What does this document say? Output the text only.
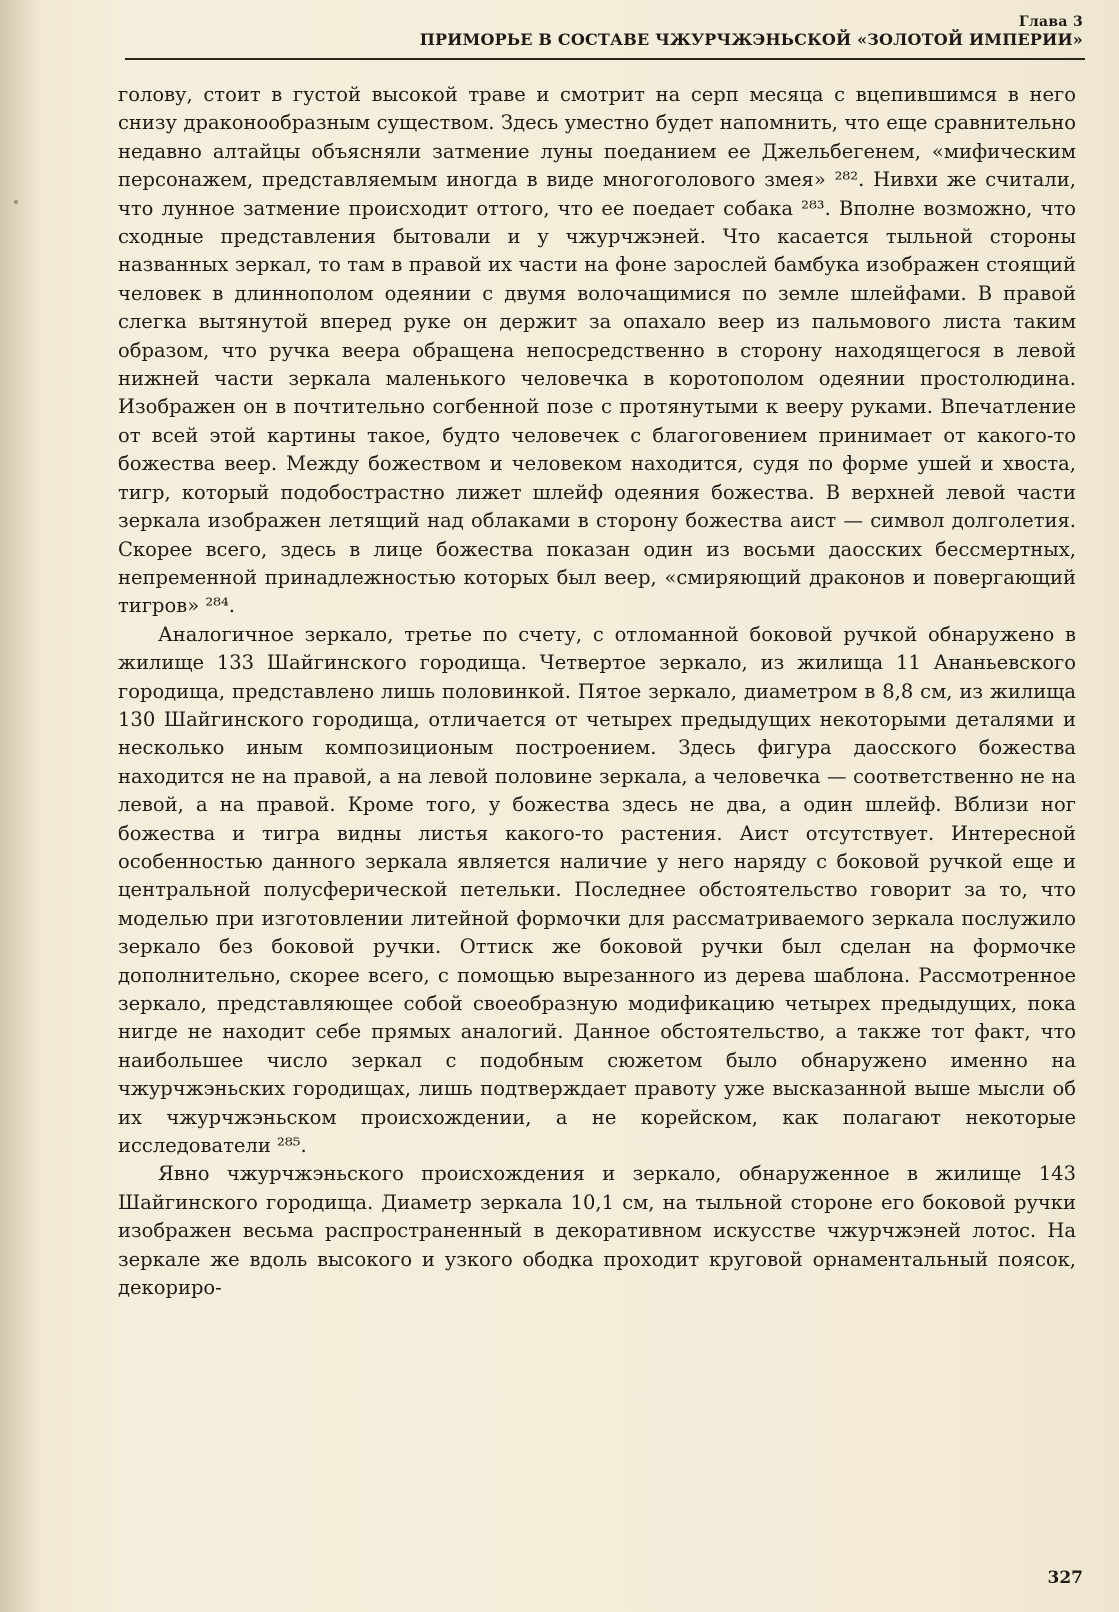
Глава 3
ПРИМОРЬЕ В СОСТАВЕ ЧЖУРЧЖЭНЬСКОЙ «ЗОЛОТОЙ ИМПЕРИИ»

голову, стоит в густой высокой траве и смотрит на серп месяца с вцепившимся в него снизу драконообразным существом. Здесь уместно будет напомнить, что еще сравнительно недавно алтайцы объясняли затмение луны поеданием ее Джельбегенем, «мифическим персонажем, представляемым иногда в виде многоголового змея» ²⁸². Нивхи же считали, что лунное затмение происходит оттого, что ее поедает собака ²⁸³. Вполне возможно, что сходные представления бытовали и у чжурчжэней. Что касается тыльной стороны названных зеркал, то там в правой их части на фоне зарослей бамбука изображен стоящий человек в длиннополом одеянии с двумя волочащимися по земле шлейфами. В правой слегка вытянутой вперед руке он держит за опахало веер из пальмового листа таким образом, что ручка веера обращена непосредственно в сторону находящегося в левой нижней части зеркала маленького человечка в коротополом одеянии простолюдина. Изображен он в почтительно согбенной позе с протянутыми к вееру руками. Впечатление от всей этой картины такое, будто человечек с благоговением принимает от какого-то божества веер. Между божеством и человеком находится, судя по форме ушей и хвоста, тигр, который подобострастно лижет шлейф одеяния божества. В верхней левой части зеркала изображен летящий над облаками в сторону божества аист — символ долголетия. Скорее всего, здесь в лице божества показан один из восьми даосских бессмертных, непременной принадлежностью которых был веер, «смиряющий драконов и повергающий тигров» ²⁸⁴.

Аналогичное зеркало, третье по счету, с отломанной боковой ручкой обнаружено в жилище 133 Шайгинского городища. Четвертое зеркало, из жилища 11 Ананьевского городища, представлено лишь половинкой. Пятое зеркало, диаметром в 8,8 см, из жилища 130 Шайгинского городища, отличается от четырех предыдущих некоторыми деталями и несколько иным композиционым построением. Здесь фигура даосского божества находится не на правой, а на левой половине зеркала, а человечка — соответственно не на левой, а на правой. Кроме того, у божества здесь не два, а один шлейф. Вблизи ног божества и тигра видны листья какого-то растения. Аист отсутствует. Интересной особенностью данного зеркала является наличие у него наряду с боковой ручкой еще и центральной полусферической петельки. Последнее обстоятельство говорит за то, что моделью при изготовлении литейной формочки для рассматриваемого зеркала послужило зеркало без боковой ручки. Оттиск же боковой ручки был сделан на формочке дополнительно, скорее всего, с помощью вырезанного из дерева шаблона. Рассмотренное зеркало, представляющее собой своеобразную модификацию четырех предыдущих, пока нигде не находит себе прямых аналогий. Данное обстоятельство, а также тот факт, что наибольшее число зеркал с подобным сюжетом было обнаружено именно на чжурчжэньских городищах, лишь подтверждает правоту уже высказанной выше мысли об их чжурчжэньском происхождении, а не корейском, как полагают некоторые исследователи ²⁸⁵.

Явно чжурчжэньского происхождения и зеркало, обнаруженное в жилище 143 Шайгинского городища. Диаметр зеркала 10,1 см, на тыльной стороне его боковой ручки изображен весьма распространенный в декоративном искусстве чжурчжэней лотос. На зеркале же вдоль высокого и узкого ободка проходит круговой орнаментальный поясок, декориро-

327
